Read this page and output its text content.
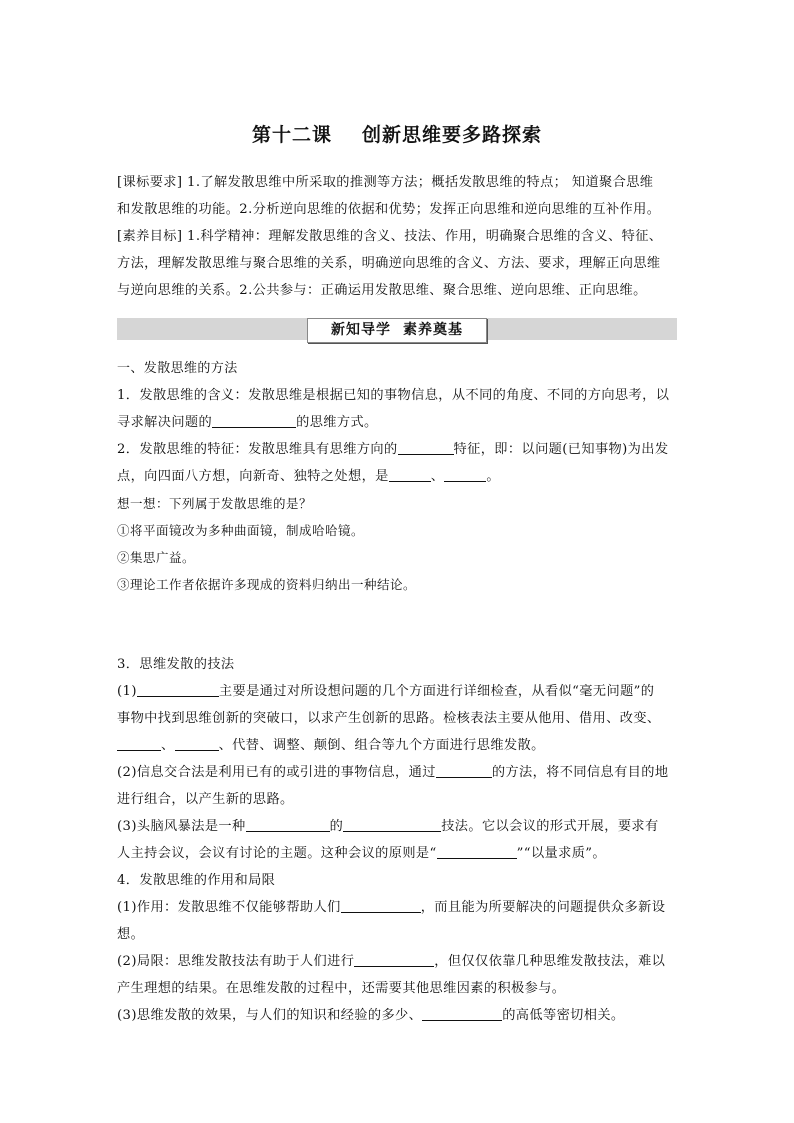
第十二课 创新思维要多路探索
[课标要求] 1.了解发散思维中所采取的推测等方法；概括发散思维的特点； 知道聚合思维
和发散思维的功能。2.分析逆向思维的依据和优势；发挥正向思维和逆向思维的互补作用。
[素养目标] 1.科学精神：理解发散思维的含义、技法、作用，明确聚合思维的含义、特征、
方法，理解发散思维与聚合思维的关系，明确逆向思维的含义、方法、要求，理解正向思维
与逆向思维的关系。2.公共参与：正确运用发散思维、聚合思维、逆向思维、正向思维。
新知导学 素养奠基
一、发散思维的方法
1．发散思维的含义：发散思维是根据已知的事物信息，从不同的角度、不同的方向思考，以
寻求解决问题的	的思维方式。
2．发散思维的特征：发散思维具有思维方向的	特征，即：以问题(已知事物)为出发
点，向四面八方想，向新奇、独特之处想，是	、	。
想一想：下列属于发散思维的是？
①将平面镜改为多种曲面镜，制成哈哈镜。
②集思广益。
③理论工作者依据许多现成的资料归纳出一种结论。
3．思维发散的技法
(1)	主要是通过对所设想问题的几个方面进行详细检查，从看似“毫无问题”的
事物中找到思维创新的突破口，以求产生创新的思路。检核表法主要从他用、借用、改变、
、	、代替、调整、颠倒、组合等九个方面进行思维发散。
(2)信息交合法是利用已有的或引进的事物信息，通过	的方法，将不同信息有目的地
进行组合，以产生新的思路。
(3)头脑风暴法是一种	的	技法。它以会议的形式开展，要求有
人主持会议，会议有讨论的主题。这种会议的原则是“	”“以量求质”。
4．发散思维的作用和局限
(1)作用：发散思维不仅能够帮助人们	，而且能为所要解决的问题提供众多新设
想。
(2)局限：思维发散技法有助于人们进行	，但仅仅依靠几种思维发散技法，难以
产生理想的结果。在思维发散的过程中，还需要其他思维因素的积极参与。
(3)思维发散的效果，与人们的知识和经验的多少、	的高低等密切相关。
